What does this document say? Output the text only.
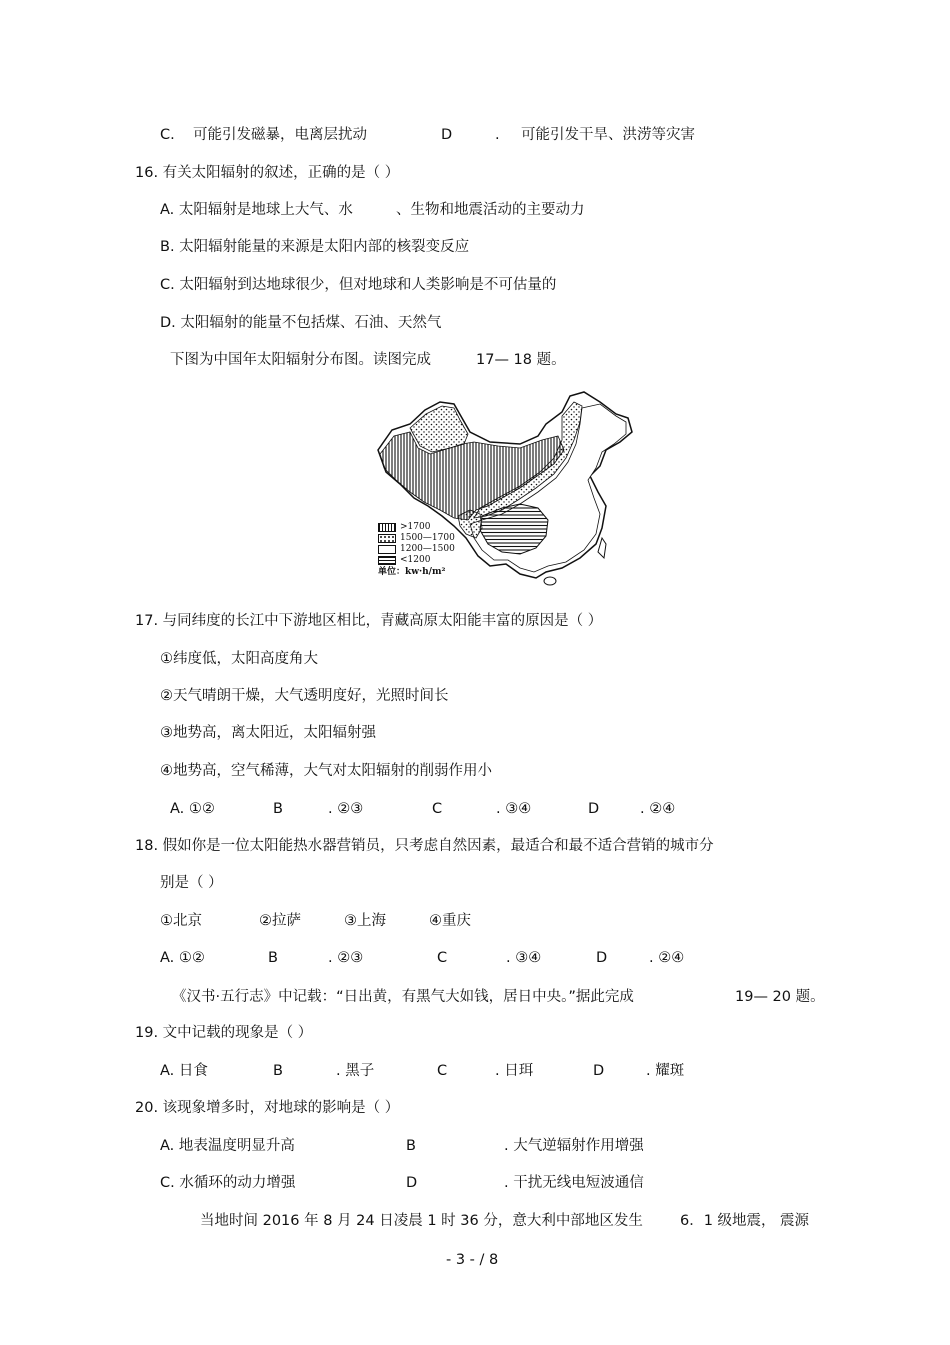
C. 可能引发磁暴，电离层扰动	D	. 可能引发干旱、洪涝等灾害
16. 有关太阳辐射的叙述，正确的是（ ）
A. 太阳辐射是地球上大气、水	、生物和地震活动的主要动力
B. 太阳辐射能量的来源是太阳内部的核裂变反应
C. 太阳辐射到达地球很少，但对地球和人类影响是不可估量的
D. 太阳辐射的能量不包括煤、石油、天然气
下图为中国年太阳辐射分布图。读图完成	17— 18 题。
>1700
1500—1700
1200—1500
<1200
单位：kw·h/m²
17. 与同纬度的长江中下游地区相比，青藏高原太阳能丰富的原因是（ ）
①纬度低，太阳高度角大
②天气晴朗干燥，大气透明度好，光照时间长
③地势高，离太阳近，太阳辐射强
④地势高，空气稀薄，大气对太阳辐射的削弱作用小
A. ①②	B	. ②③	C	. ③④	D	. ②④
18. 假如你是一位太阳能热水器营销员，只考虑自然因素，最适合和最不适合营销的城市分
别是（ ）
①北京	②拉萨	③上海	④重庆
A. ①②	B	. ②③	C	. ③④	D	. ②④
《汉书·五行志》中记载：“日出黄，有黑气大如钱，居日中央。”据此完成	19— 20 题。
19. 文中记载的现象是（ ）
A. 日食	B	. 黑子	C	. 日珥	D	. 耀斑
20. 该现象增多时，对地球的影响是（ ）
A. 地表温度明显升高	B	. 大气逆辐射作用增强
C. 水循环的动力增强	D	. 干扰无线电短波通信
当地时间 2016 年 8 月 24 日凌晨 1 时 36 分，意大利中部地区发生	6．1 级地震， 震源
- 3 - / 8
